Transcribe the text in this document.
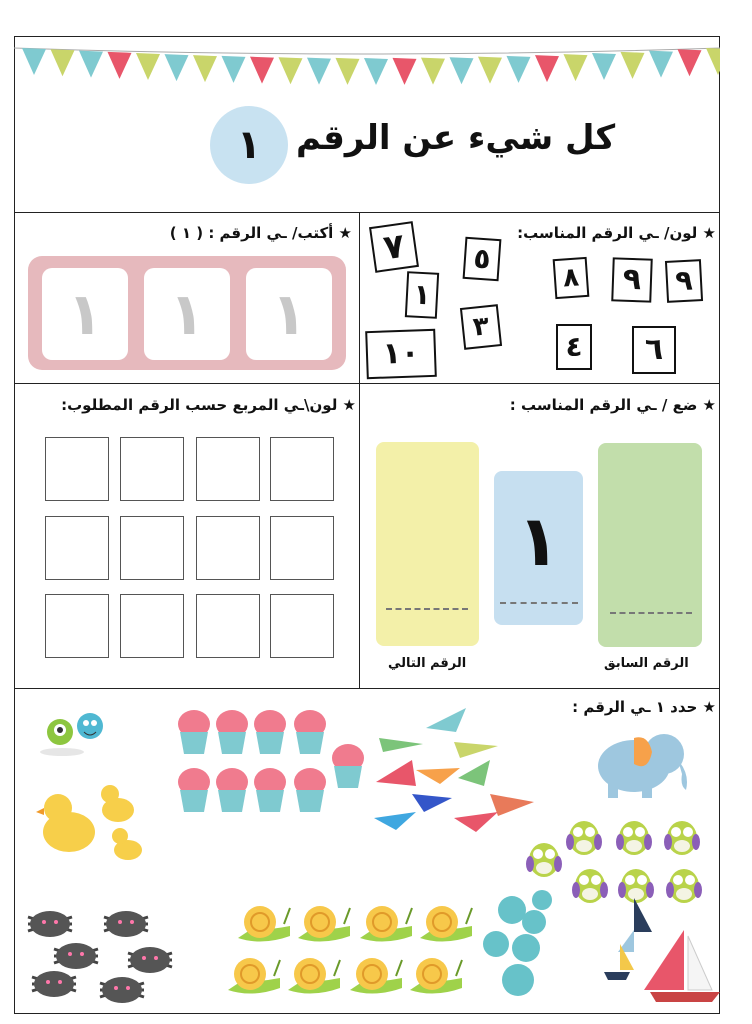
١	كل شيء عن الرقم
★ أكتب/ ـي الرقم : ( ١ )
١	١	١
★ لون/ ـي الرقم المناسب:
٧	٥
٨
١	٩	٩
٣
٤
١٠	٦
★ لون\ـي المربع حسب الرقم المطلوب:	★ ضع / ـي الرقم المناسب :
١
الرقم التالي	الرقم السابق
★ حدد ١ ـي الرقم :
